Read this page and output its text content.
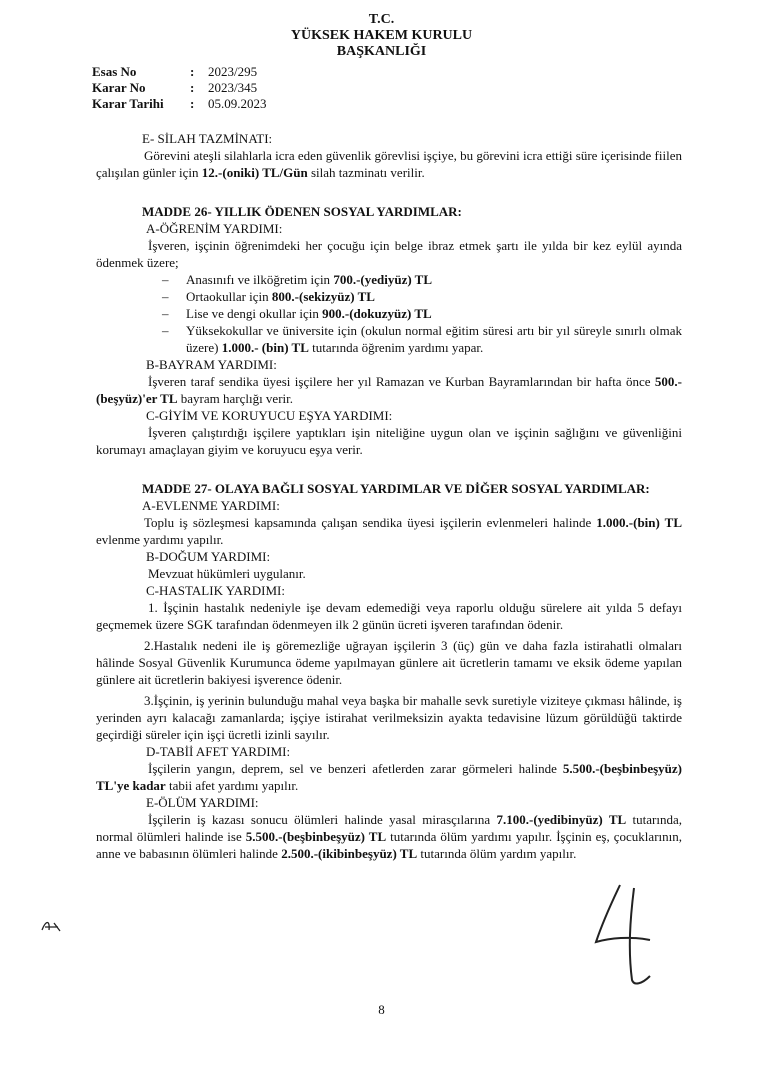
T.C.
YÜKSEK HAKEM KURULU
BAŞKANLIĞI
Esas No	:	2023/295
Karar No	:	2023/345
Karar Tarihi	:	05.09.2023
E- SİLAH TAZMİNATI:

Görevini ateşli silahlarla icra eden güvenlik görevlisi işçiye, bu görevini icra ettiği süre içerisinde fiilen çalışılan günler için 12.-(oniki) TL/Gün silah tazminatı verilir.

MADDE 26- YILLIK ÖDENEN SOSYAL YARDIMLAR:
A-ÖĞRENİM YARDIMI:

İşveren, işçinin öğrenimdeki her çocuğu için belge ibraz etmek şartı ile yılda bir kez eylül ayında ödenmek üzere;

– Anasınıfı ve ilköğretim için 700.-(yediyüz) TL
– Ortaokullar için 800.-(sekizyüz) TL
– Lise ve dengi okullar için 900.-(dokuzyüz) TL
– Yüksekokullar ve üniversite için (okulun normal eğitim süresi artı bir yıl süreyle sınırlı olmak üzere) 1.000.- (bin) TL tutarında öğrenim yardımı yapar.
B-BAYRAM YARDIMI:

İşveren taraf sendika üyesi işçilere her yıl Ramazan ve Kurban Bayramlarından bir hafta önce 500.-(beşyüz)'er TL bayram harçlığı verir.

C-GİYİM VE KORUYUCU EŞYA YARDIMI:

İşveren çalıştırdığı işçilere yaptıkları işin niteliğine uygun olan ve işçinin sağlığını ve güvenliğini korumayı amaçlayan giyim ve koruyucu eşya verir.

MADDE 27- OLAYA BAĞLI SOSYAL YARDIMLAR VE DİĞER SOSYAL YARDIMLAR:
A-EVLENME YARDIMI:

Toplu iş sözleşmesi kapsamında çalışan sendika üyesi işçilerin evlenmeleri halinde 1.000.-(bin) TL evlenme yardımı yapılır.

B-DOĞUM YARDIMI:

Mevzuat hükümleri uygulanır.

C-HASTALIK YARDIMI:

1. İşçinin hastalık nedeniyle işe devam edemediği veya raporlu olduğu sürelere ait yılda 5 defayı geçmemek üzere SGK tarafından ödenmeyen ilk 2 günün ücreti işveren tarafından ödenir.

2.Hastalık nedeni ile iş göremezliğe uğrayan işçilerin 3 (üç) gün ve daha fazla istirahatli olmaları hâlinde Sosyal Güvenlik Kurumunca ödeme yapılmayan günlere ait ücretlerin tamamı ve eksik ödeme yapılan günlere ait ücretlerin bakiyesi işverence ödenir.

3.İşçinin, iş yerinin bulunduğu mahal veya başka bir mahalle sevk suretiyle viziteye çıkması hâlinde, iş yerinden ayrı kalacağı zamanlarda; işçiye istirahat verilmeksizin ayakta tedavisine lüzum görüldüğü taktirde geçirdiği süreler için işçi ücretli izinli sayılır.

D-TABİİ AFET YARDIMI:

İşçilerin yangın, deprem, sel ve benzeri afetlerden zarar görmeleri halinde 5.500.-(beşbinbeşyüz) TL'ye kadar tabii afet yardımı yapılır.

E-ÖLÜM YARDIMI:

İşçilerin iş kazası sonucu ölümleri halinde yasal mirasçılarına 7.100.-(yedibinyüz) TL tutarında, normal ölümleri halinde ise 5.500.-(beşbinbeşyüz) TL tutarında ölüm yardımı yapılır. İşçinin eş, çocuklarının, anne ve babasının ölümleri halinde 2.500.-(ikibinbeşyüz) TL tutarında ölüm yardım yapılır.

8
